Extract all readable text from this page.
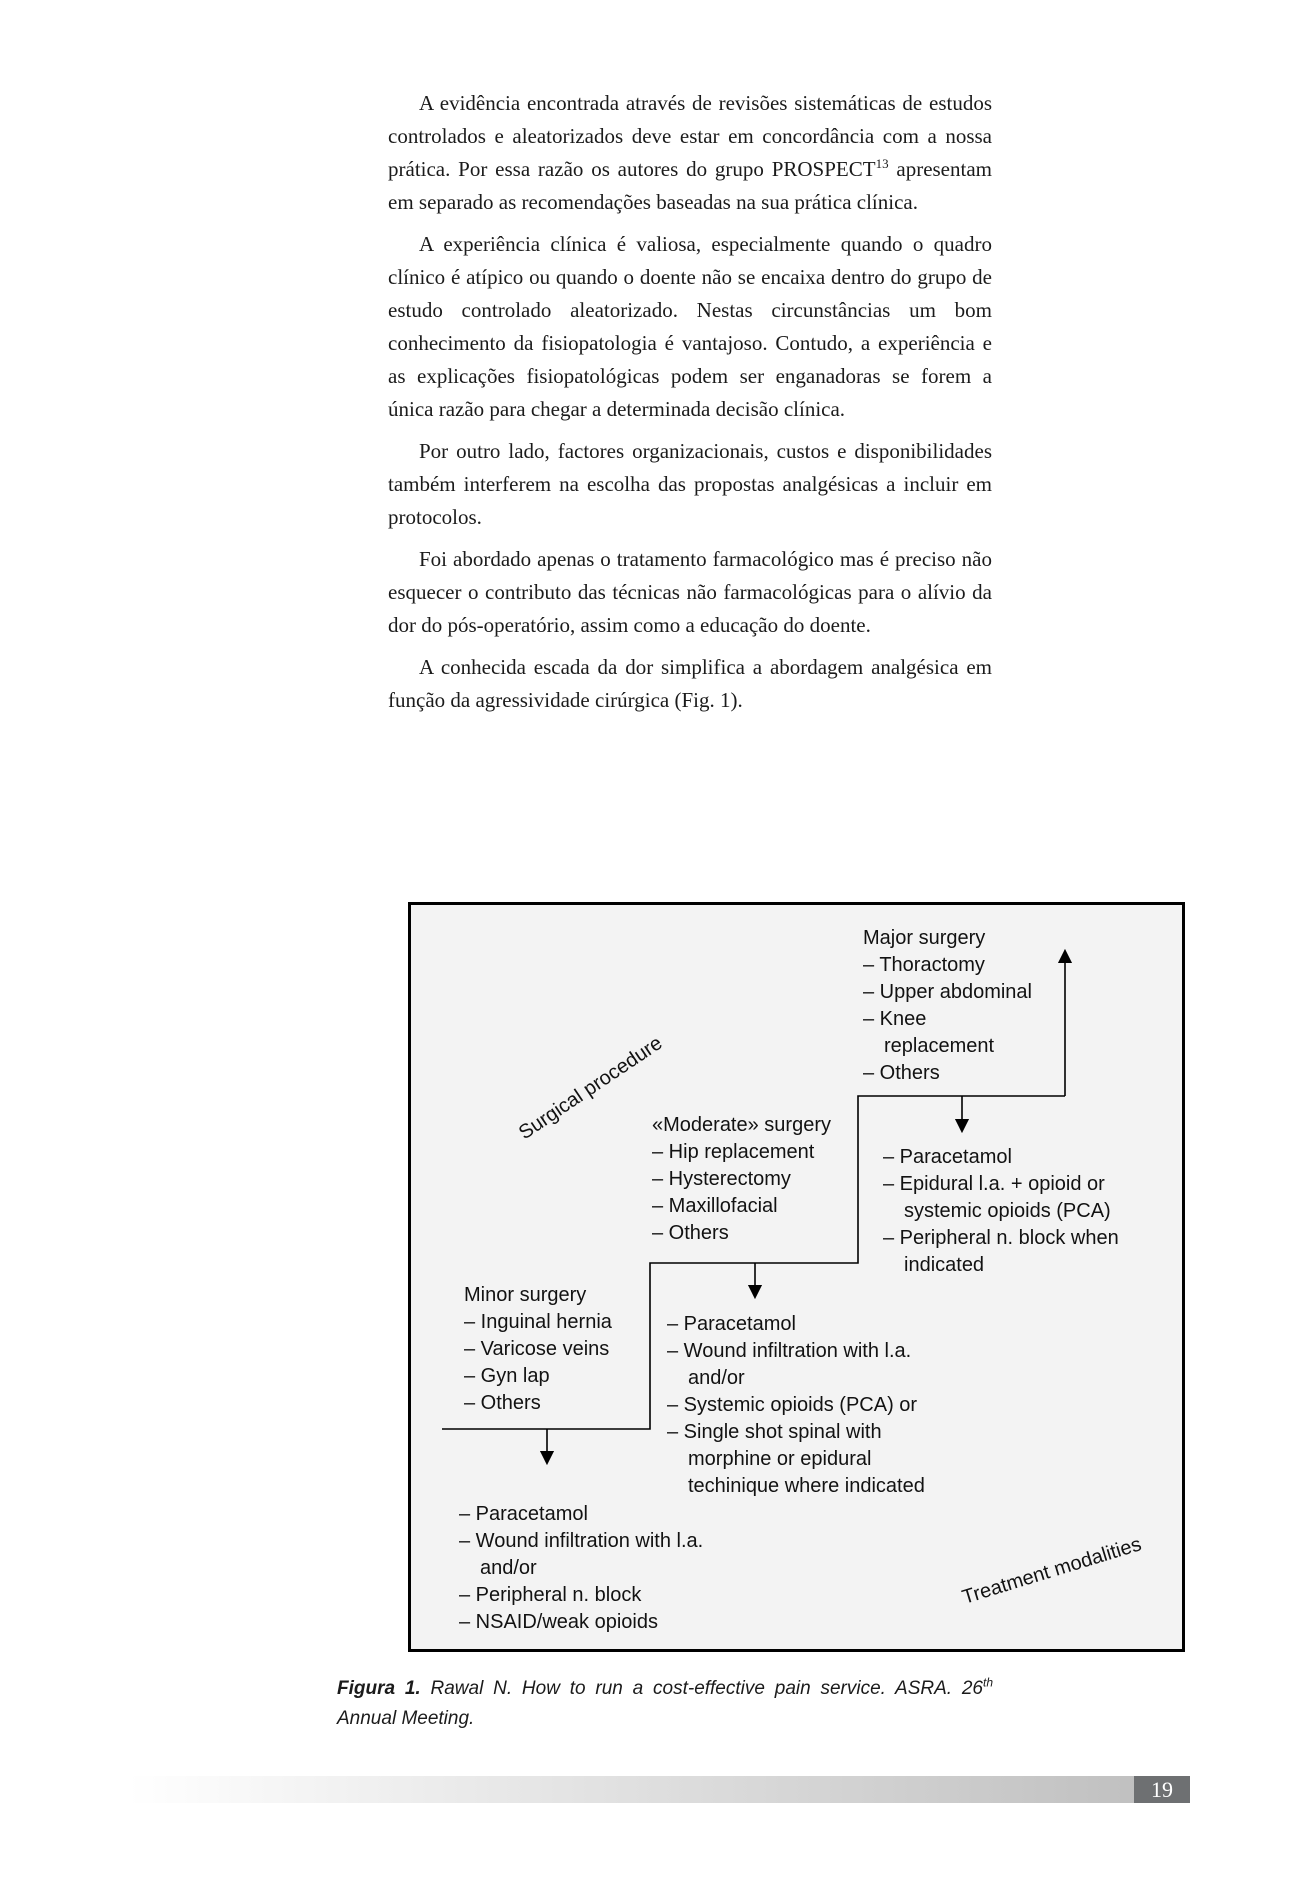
A evidência encontrada através de revisões sistemáticas de estudos controlados e aleatorizados deve estar em concordância com a nossa prática. Por essa razão os autores do grupo PROSPECT$^{13}$ apresentam em separado as recomendações baseadas na sua prática clínica.

A experiência clínica é valiosa, especialmente quando o quadro clínico é atípico ou quando o doente não se encaixa dentro do grupo de estudo controlado aleatorizado. Nestas circunstâncias um bom conhecimento da fisiopatologia é vantajoso. Contudo, a experiência e as explicações fisiopatológicas podem ser enganadoras se forem a única razão para chegar a determinada decisão clínica.

Por outro lado, factores organizacionais, custos e disponibilidades também interferem na escolha das propostas analgésicas a incluir em protocolos.

Foi abordado apenas o tratamento farmacológico mas é preciso não esquecer o contributo das técnicas não farmacológicas para o alívio da dor do pós-operatório, assim como a educação do doente.

A conhecida escada da dor simplifica a abordagem analgésica em função da agressividade cirúrgica (Fig. 1).

Surgical procedure
Treatment modalities
Major surgery
– Thoractomy
– Upper abdominal
– Knee
replacement
– Others
«Moderate» surgery
– Hip replacement
– Hysterectomy
– Maxillofacial
– Others
Minor surgery
– Inguinal hernia
– Varicose veins
– Gyn lap
– Others
– Paracetamol
– Epidural l.a. + opioid or
systemic opioids (PCA)
– Peripheral n. block when
indicated
– Paracetamol
– Wound infiltration with l.a.
and/or
– Systemic opioids (PCA) or
– Single shot spinal with
morphine or epidural
techinique where indicated
– Paracetamol
– Wound infiltration with l.a.
and/or
– Peripheral n. block
– NSAID/weak opioids
Figura 1. Rawal N. How to run a cost-effective pain service. ASRA. 26th Annual Meeting.
19
